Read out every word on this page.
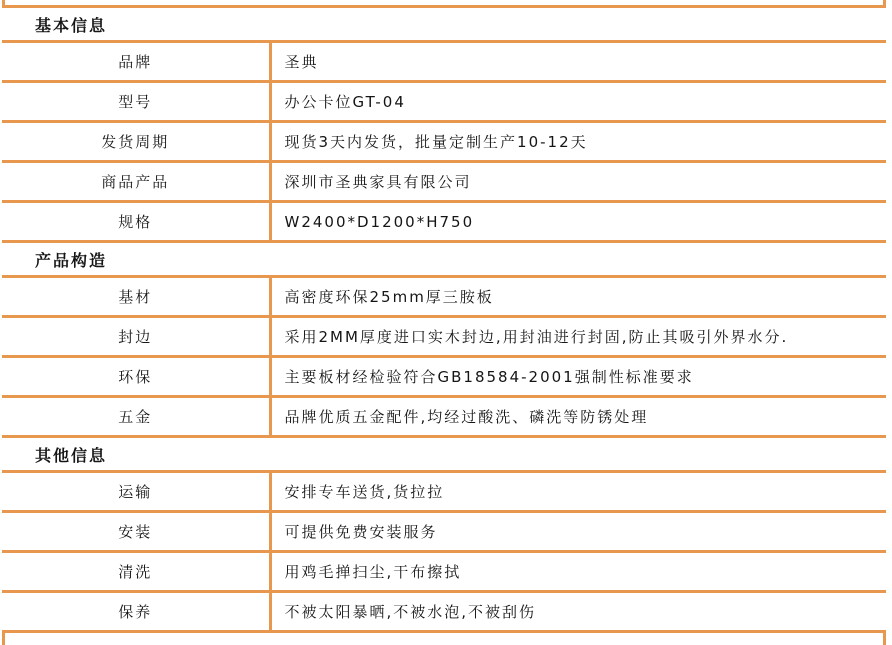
基本信息	
品牌	圣典
型号	办公卡位GT-04
发货周期	现货3天内发货，批量定制生产10-12天
商品产品	深圳市圣典家具有限公司
规格	W2400*D1200*H750
产品构造	
基材	高密度环保25mm厚三胺板
封边	采用2MM厚度进口实木封边,用封油进行封固,防止其吸引外界水分.
环保	主要板材经检验符合GB18584-2001强制性标准要求
五金	品牌优质五金配件,均经过酸洗、磷洗等防锈处理
其他信息	
运输	安排专车送货,货拉拉
安装	可提供免费安装服务
清洗	用鸡毛掸扫尘,干布擦拭
保养	不被太阳暴晒,不被水泡,不被刮伤
